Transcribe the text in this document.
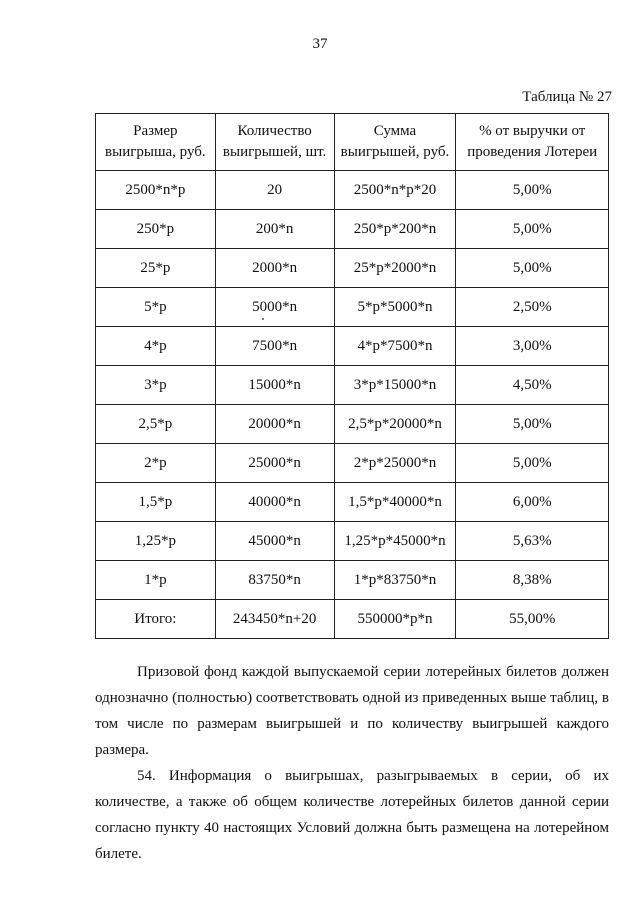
37
Таблица № 27
Размер выигрыша, руб.	Количество выигрышей, шт.	Сумма выигрышей, руб.	% от выручки от проведения Лотереи
2500*n*p	20	2500*n*p*20	5,00%
250*p	200*n	250*p*200*n	5,00%
25*p	2000*n	25*p*2000*n	5,00%
5*p	5000*n	5*p*5000*n	2,50%
4*p	7500*n	4*p*7500*n	3,00%
3*p	15000*n	3*p*15000*n	4,50%
2,5*p	20000*n	2,5*p*20000*n	5,00%
2*p	25000*n	2*p*25000*n	5,00%
1,5*p	40000*n	1,5*p*40000*n	6,00%
1,25*p	45000*n	1,25*p*45000*n	5,63%
1*p	83750*n	1*p*83750*n	8,38%
Итого:	243450*n+20	550000*p*n	55,00%

Призовой фонд каждой выпускаемой серии лотерейных билетов должен однозначно (полностью) соответствовать одной из приведенных выше таблиц, в том числе по размерам выигрышей и по количеству выигрышей каждого размера.

54. Информация о выигрышах, разыгрываемых в серии, об их количестве, а также об общем количестве лотерейных билетов данной серии согласно пункту 40 настоящих Условий должна быть размещена на лотерейном билете.
